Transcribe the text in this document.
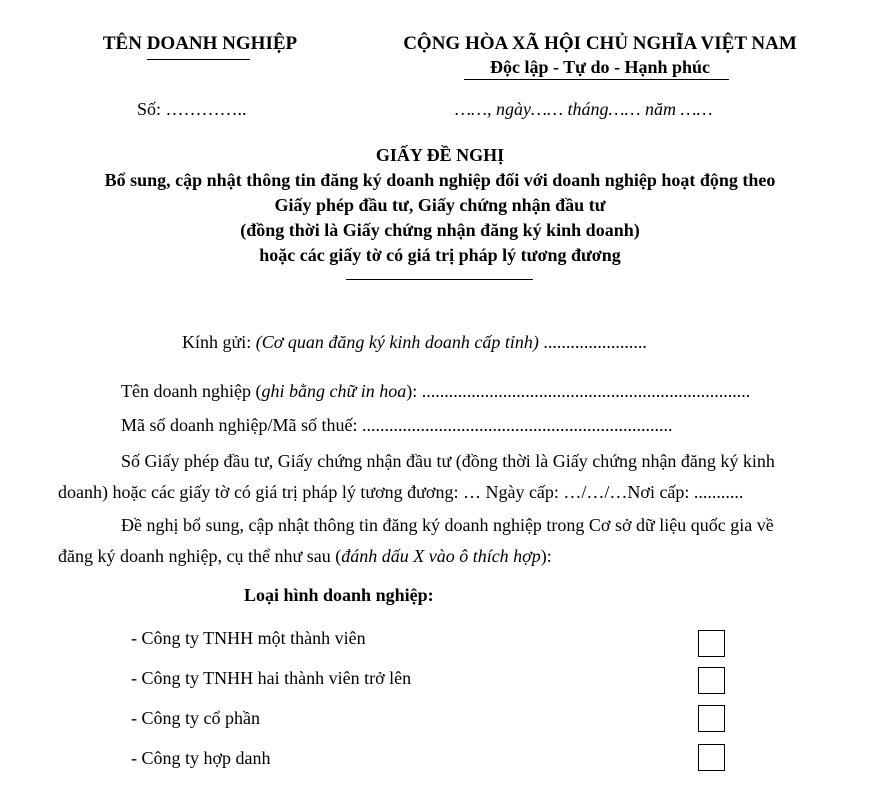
TÊN DOANH NGHIỆP	CỘNG HÒA XÃ HỘI CHỦ NGHĨA VIỆT NAM
Độc lập - Tự do - Hạnh phúc
Số: …………..	……, ngày…… tháng…… năm ……
GIẤY ĐỀ NGHỊ
Bổ sung, cập nhật thông tin đăng ký doanh nghiệp đối với doanh nghiệp hoạt động theo
Giấy phép đầu tư, Giấy chứng nhận đầu tư
(đồng thời là Giấy chứng nhận đăng ký kinh doanh)
hoặc các giấy tờ có giá trị pháp lý tương đương
Kính gửi: (Cơ quan đăng ký kinh doanh cấp tỉnh) .......................
Tên doanh nghiệp (ghi bằng chữ in hoa): .........................................................................
Mã số doanh nghiệp/Mã số thuế: .....................................................................
Số Giấy phép đầu tư, Giấy chứng nhận đầu tư (đồng thời là Giấy chứng nhận đăng ký kinh
doanh) hoặc các giấy tờ có giá trị pháp lý tương đương: … Ngày cấp: …/…/…Nơi cấp: ...........
Đề nghị bổ sung, cập nhật thông tin đăng ký doanh nghiệp trong Cơ sở dữ liệu quốc gia về
đăng ký doanh nghiệp, cụ thể như sau (đánh dấu X vào ô thích hợp):
Loại hình doanh nghiệp:
- Công ty TNHH một thành viên
- Công ty TNHH hai thành viên trở lên
- Công ty cổ phần
- Công ty hợp danh
